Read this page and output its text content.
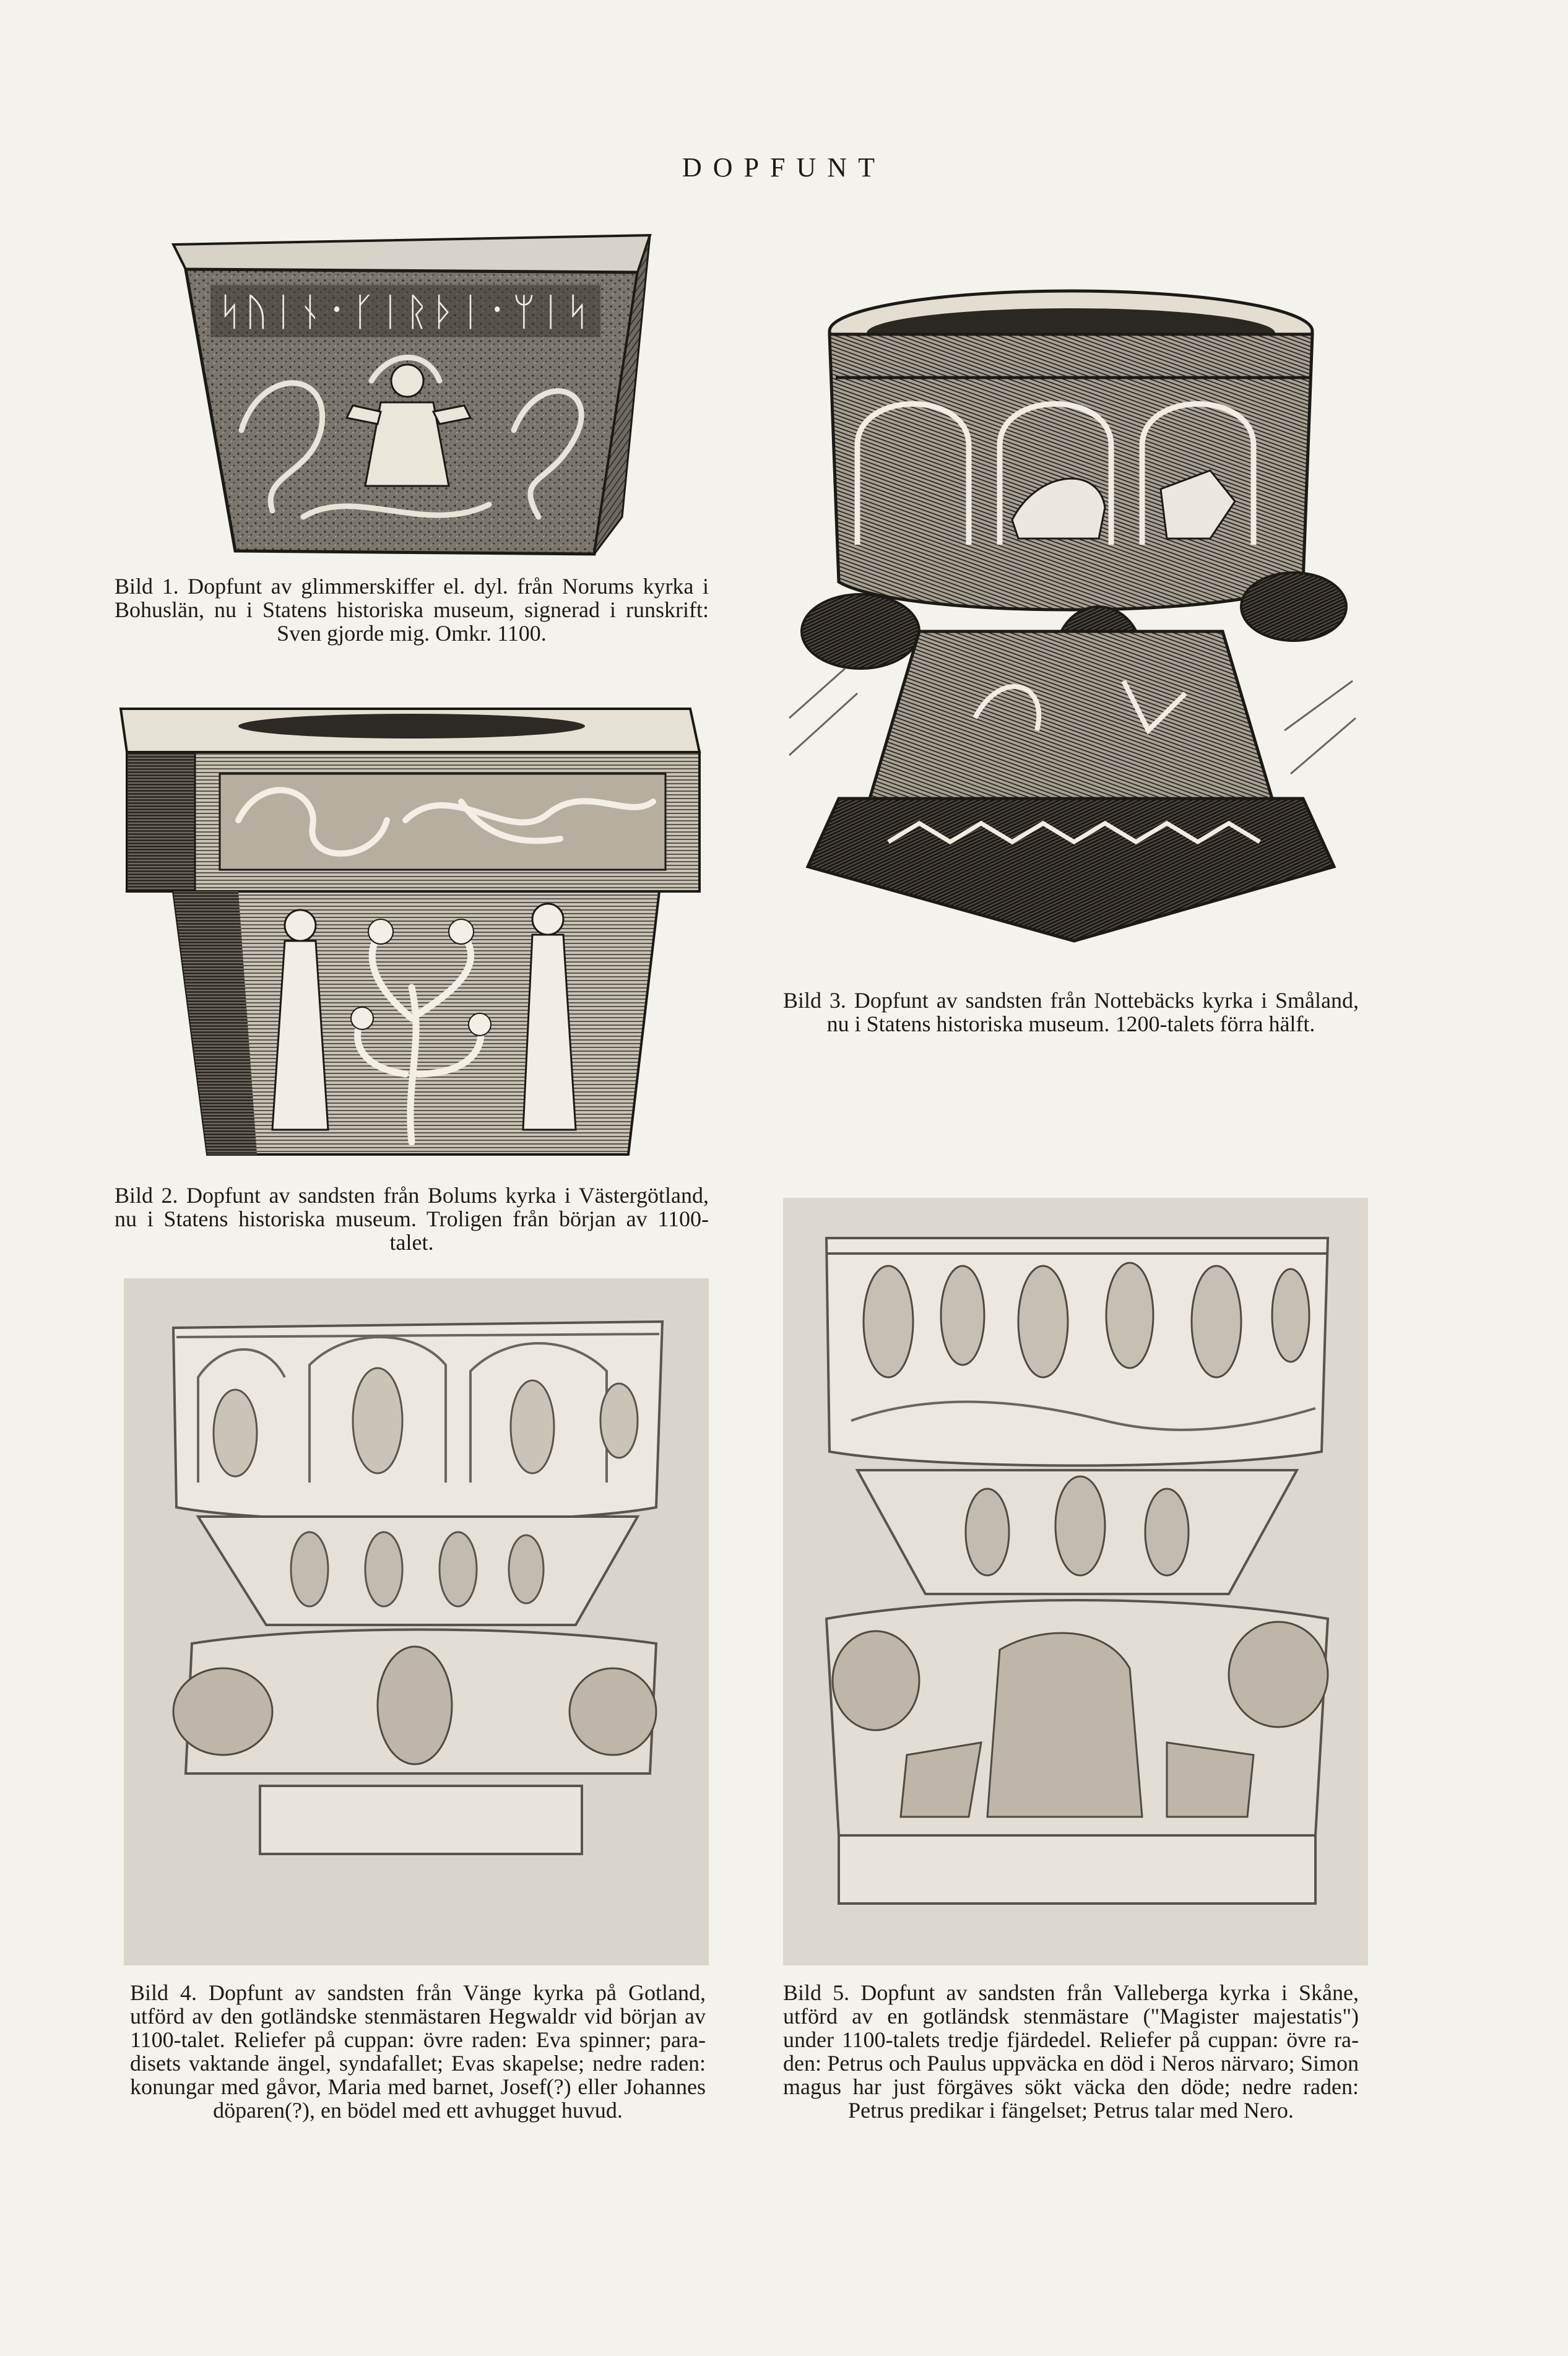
DOPFUNT
ᛋᚢᛁᚾ᛫ᚴᛁᚱᚦᛁ᛫ᛘᛁᛋ
Bild 1. Dopfunt av glimmerskiffer el. dyl. från Norums kyrka i Bohuslän, nu i Statens historiska museum, signerad i runskrift: Sven gjorde mig. Omkr. 1100.
Bild 2. Dopfunt av sandsten från Bolums kyrka i Västergötland, nu i Statens historiska museum. Troligen från början av 1100-talet.
Bild 3. Dopfunt av sandsten från Nottebäcks kyrka i Småland, nu i Statens historiska museum. 1200-talets förra hälft.
Bild 4. Dopfunt av sandsten från Vänge kyrka på Gotland, utförd av den gotländske stenmästaren Hegwaldr vid början av 1100-talet. Reliefer på cuppan: övre raden: Eva spinner; paradisets vaktande ängel, syndafallet; Evas skapelse; nedre raden: konungar med gåvor, Maria med barnet, Josef(?) eller Johannes döparen(?), en bödel med ett avhugget huvud.
Bild 5. Dopfunt av sandsten från Valleberga kyrka i Skåne, utförd av en gotländsk stenmästare ("Magister majestatis") under 1100-talets tredje fjärdedel. Reliefer på cuppan: övre raden: Petrus och Paulus uppväcka en död i Neros närvaro; Simon magus har just förgäves sökt väcka den döde; nedre raden: Petrus predikar i fängelset; Petrus talar med Nero.
